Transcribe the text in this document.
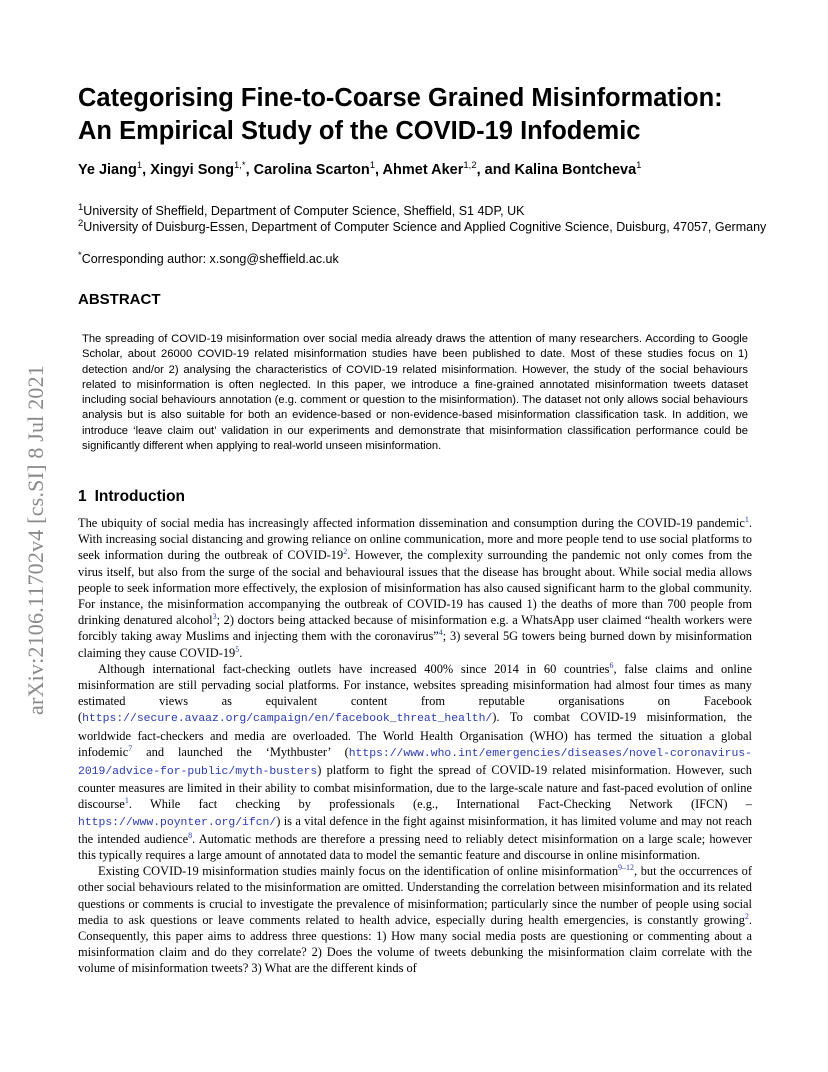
arXiv:2106.11702v4 [cs.SI] 8 Jul 2021
Categorising Fine-to-Coarse Grained Misinformation:
An Empirical Study of the COVID-19 Infodemic

Ye Jiang$^1$, Xingyi Song$^{1,*}$, Carolina Scarton$^1$, Ahmet Aker$^{1,2}$, and Kalina Bontcheva$^1$

$^1$University of Sheffield, Department of Computer Science, Sheffield, S1 4DP, UK

$^2$University of Duisburg-Essen, Department of Computer Science and Applied Cognitive Science, Duisburg, 47057, Germany

*Corresponding author: x.song@sheffield.ac.uk

ABSTRACT

The spreading of COVID-19 misinformation over social media already draws the attention of many researchers. According to Google Scholar, about 26000 COVID-19 related misinformation studies have been published to date. Most of these studies focus on 1) detection and/or 2) analysing the characteristics of COVID-19 related misinformation. However, the study of the social behaviours related to misinformation is often neglected. In this paper, we introduce a fine-grained annotated misinformation tweets dataset including social behaviours annotation (e.g. comment or question to the misinformation). The dataset not only allows social behaviours analysis but is also suitable for both an evidence-based or non-evidence-based misinformation classification task. In addition, we introduce ‘leave claim out’ validation in our experiments and demonstrate that misinformation classification performance could be significantly different when applying to real-world unseen misinformation.

1 Introduction

The ubiquity of social media has increasingly affected information dissemination and consumption during the COVID-19 pandemic$^1$. With increasing social distancing and growing reliance on online communication, more and more people tend to use social platforms to seek information during the outbreak of COVID-19$^2$. However, the complexity surrounding the pandemic not only comes from the virus itself, but also from the surge of the social and behavioural issues that the disease has brought about. While social media allows people to seek information more effectively, the explosion of misinformation has also caused significant harm to the global community. For instance, the misinformation accompanying the outbreak of COVID-19 has caused 1) the deaths of more than 700 people from drinking denatured alcohol$^3$; 2) doctors being attacked because of misinformation e.g. a WhatsApp user claimed “health workers were forcibly taking away Muslims and injecting them with the coronavirus”$^4$; 3) several 5G towers being burned down by misinformation claiming they cause COVID-19$^5$.

Although international fact-checking outlets have increased 400% since 2014 in 60 countries$^6$, false claims and online misinformation are still pervading social platforms. For instance, websites spreading misinformation had almost four times as many estimated views as equivalent content from reputable organisations on Facebook (https://secure.avaaz.org/campaign/en/facebook_threat_health/). To combat COVID-19 misinformation, the worldwide fact-checkers and media are overloaded. The World Health Organisation (WHO) has termed the situation a global infodemic$^7$ and launched the ‘Mythbuster’ (https://www.who.int/emergencies/diseases/novel-coronavirus-2019/advice-for-public/myth-busters) platform to fight the spread of COVID-19 related misinformation. However, such counter measures are limited in their ability to combat misinformation, due to the large-scale nature and fast-paced evolution of online discourse$^1$. While fact checking by professionals (e.g., International Fact-Checking Network (IFCN) – https://www.poynter.org/ifcn/) is a vital defence in the fight against misinformation, it has limited volume and may not reach the intended audience$^8$. Automatic methods are therefore a pressing need to reliably detect misinformation on a large scale; however this typically requires a large amount of annotated data to model the semantic feature and discourse in online misinformation.

Existing COVID-19 misinformation studies mainly focus on the identification of online misinformation$^{9-12}$, but the occurrences of other social behaviours related to the misinformation are omitted. Understanding the correlation between misinformation and its related questions or comments is crucial to investigate the prevalence of misinformation; particularly since the number of people using social media to ask questions or leave comments related to health advice, especially during health emergencies, is constantly growing$^2$. Consequently, this paper aims to address three questions: 1) How many social media posts are questioning or commenting about a misinformation claim and do they correlate? 2) Does the volume of tweets debunking the misinformation claim correlate with the volume of misinformation tweets? 3) What are the different kinds of
